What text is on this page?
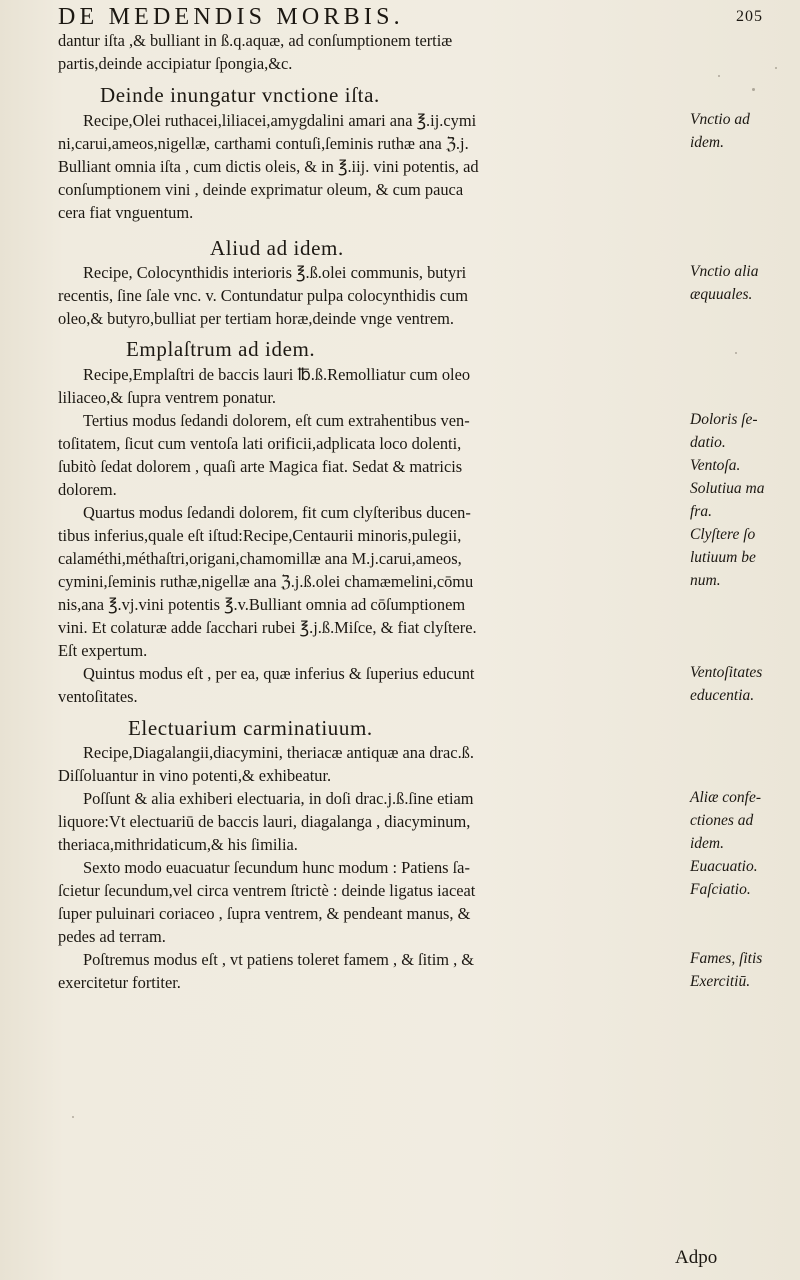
DE MEDENDIS MORBIS.	205
dantur iſta ,& bulliant in ß.q.aquæ, ad conſumptionem tertiæ
partis,deinde accipiatur ſpongia,&c.
Deinde inungatur vnctione iſta.
Recipe,Olei ruthacei,liliacei,amygdalini amari ana ℥.ij.cymi
ni,carui,ameos,nigellæ, carthami contuſi,ſeminis ruthæ ana ℨ.j.
Bulliant omnia iſta , cum dictis oleis, & in ℥.iij. vini potentis, ad
conſumptionem vini , deinde exprimatur oleum, & cum pauca
cera fiat vnguentum.
Aliud ad idem.
Recipe, Colocynthidis interioris ℥.ß.olei communis, butyri
recentis, ſine ſale vnc. v. Contundatur pulpa colocynthidis cum
oleo,& butyro,bulliat per tertiam horæ,deinde vnge ventrem.
Emplaſtrum ad idem.
Recipe,Emplaſtri de baccis lauri ℔.ß.Remolliatur cum oleo
liliaceo,& ſupra ventrem ponatur.
Tertius modus ſedandi dolorem, eſt cum extrahentibus ven-
toſitatem, ſicut cum ventoſa lati orificii,adplicata loco dolenti,
ſubitò ſedat dolorem , quaſi arte Magica fiat. Sedat & matricis
dolorem.
Quartus modus ſedandi dolorem, fit cum clyſteribus ducen-
tibus inferius,quale eſt iſtud:Recipe,Centaurii minoris,pulegii,
calaméthi,méthaſtri,origani,chamomillæ ana M.j.carui,ameos,
cymini,ſeminis ruthæ,nigellæ ana ℨ.j.ß.olei chamæmelini,cōmu
nis,ana ℥.vj.vini potentis ℥.v.Bulliant omnia ad cōſumptionem
vini. Et colaturæ adde ſacchari rubei ℥.j.ß.Miſce, & fiat clyſtere.
Eſt expertum.
Quintus modus eſt , per ea, quæ inferius & ſuperius educunt
ventoſitates.
Electuarium carminatiuum.
Recipe,Diagalangii,diacymini, theriacæ antiquæ ana drac.ß.
Diſſoluantur in vino potenti,& exhibeatur.
Poſſunt & alia exhiberi electuaria, in doſi drac.j.ß.ſine etiam
liquore:Vt electuariū de baccis lauri, diagalanga , diacyminum,
theriaca,mithridaticum,& his ſimilia.
Sexto modo euacuatur ſecundum hunc modum : Patiens ſa-
ſcietur ſecundum,vel circa ventrem ſtrictè : deinde ligatus iaceat
ſuper puluinari coriaceo , ſupra ventrem, & pendeant manus, &
pedes ad terram.
Poſtremus modus eſt , vt patiens toleret famem , & ſitim , &
exercitetur fortiter.
Vnctio ad
idem.
Vnctio alia
æquuales.
Doloris ſe-
datio.
Ventoſa.
Solutiua ma
fra.
Clyſtere ſo
lutiuum be
num.
Ventoſitates
educentia.
Aliæ confe-
ctiones ad
idem.
Euacuatio.
Faſciatio.
Fames, ſitis
Exercitiū.
Adpo
